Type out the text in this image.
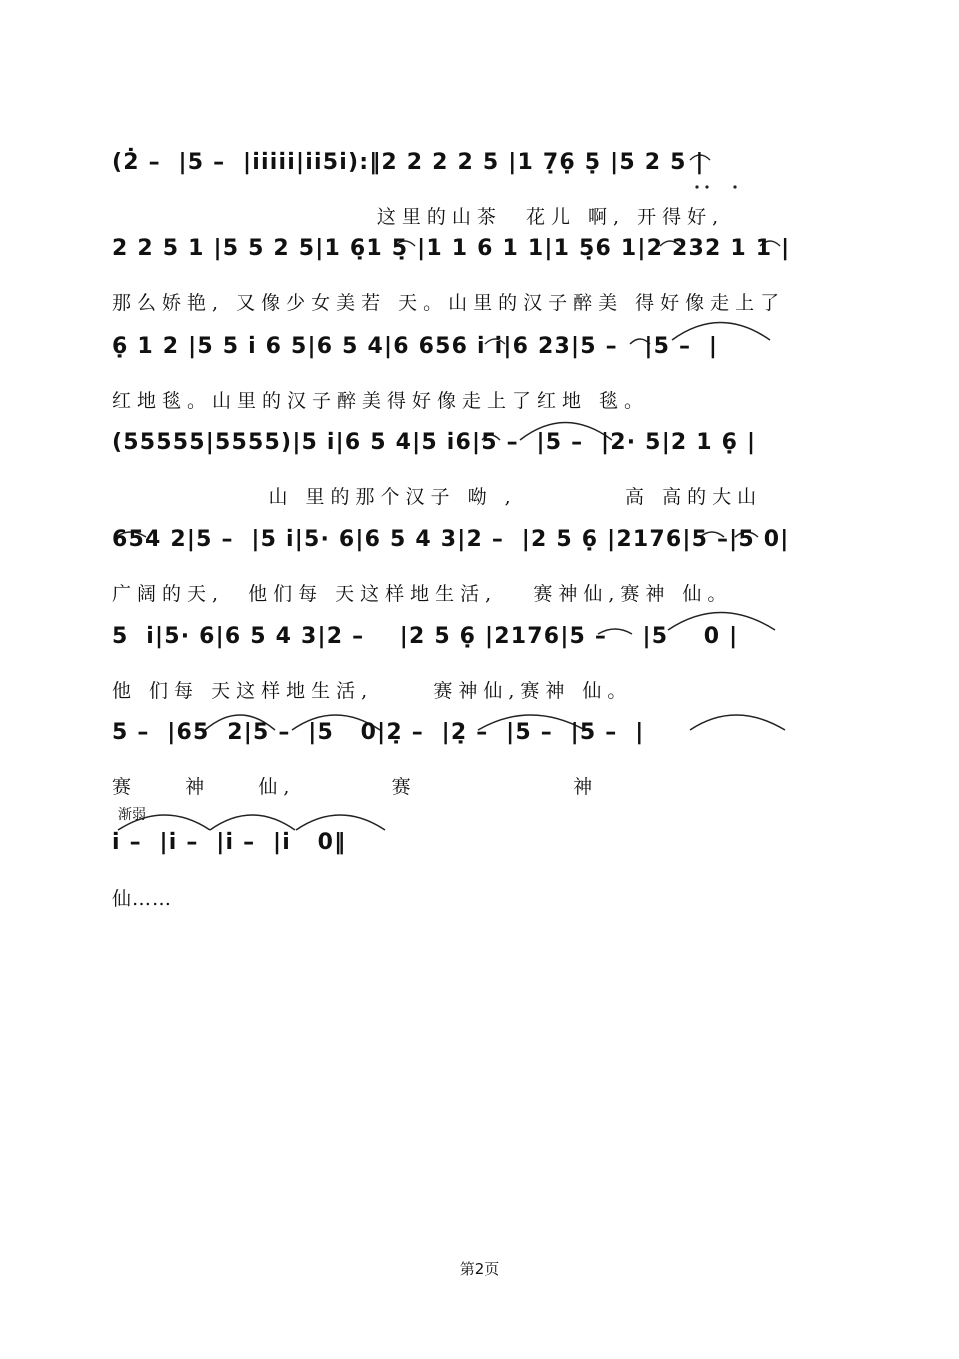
(2̇ –  |5 –  |i̇i̇i̇i̇i̇|i̇i̇5i̇):‖2 2 2 2 5 |1 7̣6̣ 5̣ |5 2 5 |
这里的山茶  花儿 啊, 开得好,
2 2 5 1 |5 5 2 5|1 6̣1 5̣ |1 1 6 1 1|1 5̣6 1|2 232 1 1 |
那么娇艳, 又像少女美若 天。山里的汉子醉美 得好像走上了
6̣ 1 2 |5 5 i̇ 6 5|6 5 4|6 656 i̇ i̇|6 23|5 –   |5 –  |
红地毯。山里的汉子醉美得好像走上了红地 毯。
(55555|5555)|5 i̇|6 5 4|5 i̇6|5 –  |5 –  |2· 5|2 1 6̣ |
山 里的那个汉子 呦 ,         高 高的大山
654 2|5 –  |5 i̇|5· 6|6 5 4 3|2 –  |2 5 6̣ |2176|5 –|5 0|
广阔的天,  他们每 天这样地生活,   赛神仙,赛神 仙。
5  i̇|5· 6|6 5 4 3|2 –    |2 5 6̣ |2176|5 –    |5    0 |
他 们每 天这样地生活,     赛神仙,赛神 仙。
5 –  |65  2|5 –  |5   0|2̣ –  |2̣ –  |5 –  |5 –  |
赛    神    仙,        赛             神
渐弱
i̇ –  |i̇ –  |i̇ –  |i̇   0‖
仙……
第2页
